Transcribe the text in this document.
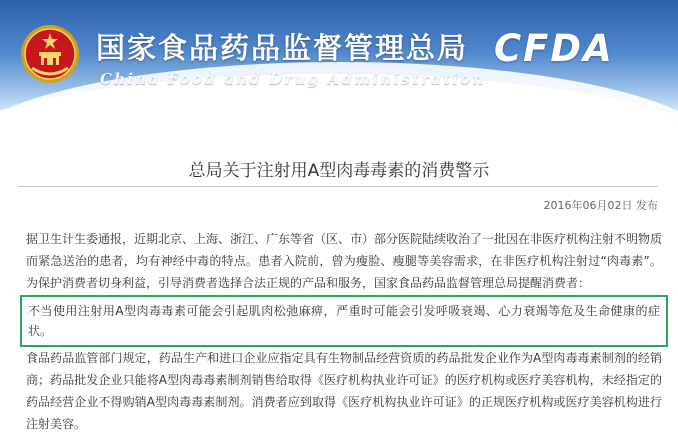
国家食品药品监督管理总局
China Food and Drug Administration
CFDA
总局关于注射用A型肉毒毒素的消费警示
2016年06月02日 发布

据卫生计生委通报，近期北京、上海、浙江、广东等省（区、市）部分医院陆续收治了一批因在非医疗机构注射不明物质而紧急送治的患者，均有神经中毒的特点。患者入院前，曾为瘦脸、瘦腿等美容需求，在非医疗机构注射过“肉毒素”。为保护消费者切身利益，引导消费者选择合法正规的产品和服务，国家食品药品监督管理总局提醒消费者：

不当使用注射用A型肉毒毒素可能会引起肌肉松弛麻痹，严重时可能会引发呼吸衰竭、心力衰竭等危及生命健康的症状。

食品药品监管部门规定，药品生产和进口企业应指定具有生物制品经营资质的药品批发企业作为A型肉毒毒素制剂的经销商；药品批发企业只能将A型肉毒毒素制剂销售给取得《医疗机构执业许可证》的医疗机构或医疗美容机构，未经指定的药品经营企业不得购销A型肉毒毒素制剂。消费者应到取得《医疗机构执业许可证》的正规医疗机构或医疗美容机构进行注射美容。
